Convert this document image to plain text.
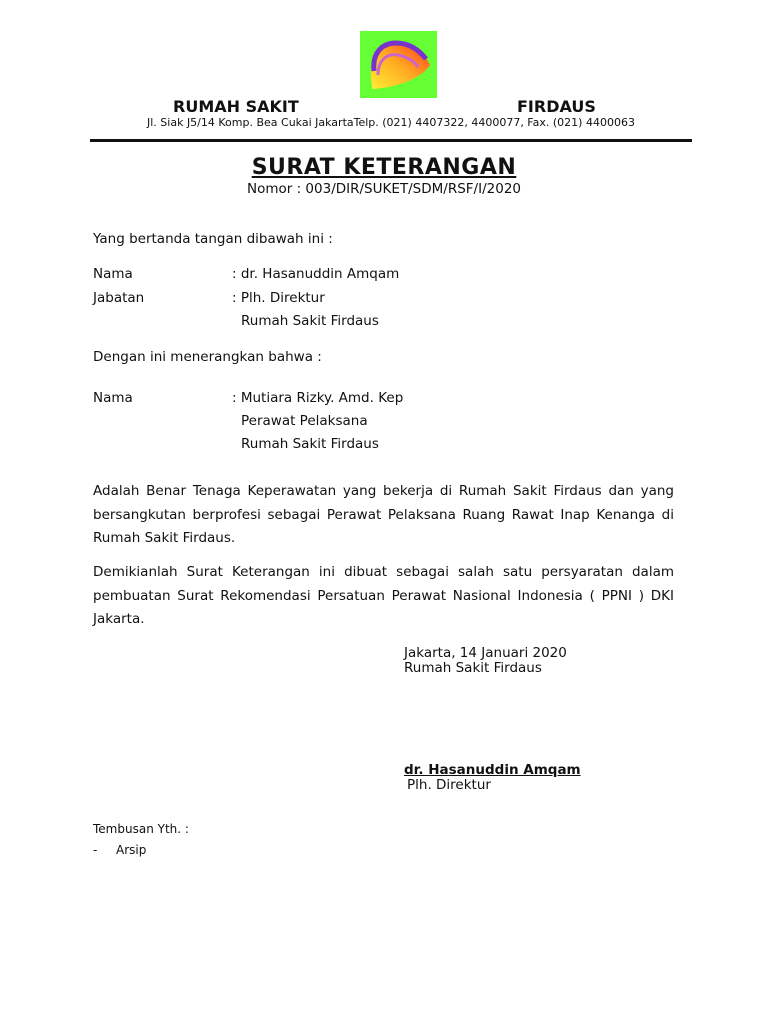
RUMAH SAKIT	FIRDAUS
Jl. Siak J5/14 Komp. Bea Cukai JakartaTelp. (021) 4407322, 4400077, Fax. (021) 4400063
SURAT KETERANGAN
Nomor : 003/DIR/SUKET/SDM/RSF/I/2020
Yang bertanda tangan dibawah ini :
Nama	: dr. Hasanuddin Amqam
Jabatan	: Plh. Direktur
Rumah Sakit Firdaus
Dengan ini menerangkan bahwa :
Nama	: Mutiara Rizky. Amd. Kep
Perawat Pelaksana
Rumah Sakit Firdaus
Adalah Benar Tenaga Keperawatan yang bekerja di Rumah Sakit Firdaus dan yang bersangkutan berprofesi sebagai Perawat Pelaksana Ruang Rawat Inap Kenanga di Rumah Sakit Firdaus.
Demikianlah Surat Keterangan ini dibuat sebagai salah satu persyaratan dalam pembuatan Surat Rekomendasi Persatuan Perawat Nasional Indonesia ( PPNI ) DKI Jakarta.
Jakarta, 14 Januari 2020
Rumah Sakit Firdaus
dr. Hasanuddin Amqam
Plh. Direktur
Tembusan Yth. :
- Arsip
